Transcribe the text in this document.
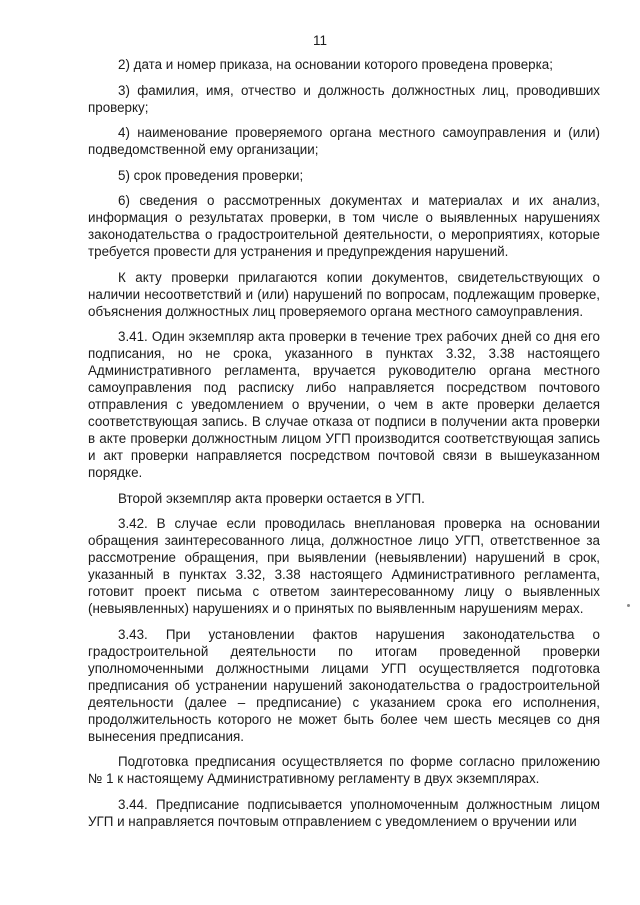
11

2) дата и номер приказа, на основании которого проведена проверка;

3) фамилия, имя, отчество и должность должностных лиц, проводивших проверку;

4) наименование проверяемого органа местного самоуправления и (или) подведомственной ему организации;

5) срок проведения проверки;

6) сведения о рассмотренных документах и материалах и их анализ, информация о результатах проверки, в том числе о выявленных нарушениях законодательства о градостроительной деятельности, о мероприятиях, которые требуется провести для устранения и предупреждения нарушений.

К акту проверки прилагаются копии документов, свидетельствующих о наличии несоответствий и (или) нарушений по вопросам, подлежащим проверке, объяснения должностных лиц проверяемого органа местного самоуправления.

3.41. Один экземпляр акта проверки в течение трех рабочих дней со дня его подписания, но не срока, указанного в пунктах 3.32, 3.38 настоящего Административного регламента, вручается руководителю органа местного самоуправления под расписку либо направляется посредством почтового отправления с уведомлением о вручении, о чем в акте проверки делается соответствующая запись. В случае отказа от подписи в получении акта проверки в акте проверки должностным лицом УГП производится соответствующая запись и акт проверки направляется посредством почтовой связи в вышеуказанном порядке.

Второй экземпляр акта проверки остается в УГП.

3.42. В случае если проводилась внеплановая проверка на основании обращения заинтересованного лица, должностное лицо УГП, ответственное за рассмотрение обращения, при выявлении (невыявлении) нарушений в срок, указанный в пунктах 3.32, 3.38 настоящего Административного регламента, готовит проект письма с ответом заинтересованному лицу о выявленных (невыявленных) нарушениях и о принятых по выявленным нарушениям мерах.

3.43. При установлении фактов нарушения законодательства о градостроительной деятельности по итогам проведенной проверки уполномоченными должностными лицами УГП осуществляется подготовка предписания об устранении нарушений законодательства о градостроительной деятельности (далее – предписание) с указанием срока его исполнения, продолжительность которого не может быть более чем шесть месяцев со дня вынесения предписания.

Подготовка предписания осуществляется по форме согласно приложению № 1 к настоящему Административному регламенту в двух экземплярах.

3.44. Предписание подписывается уполномоченным должностным лицом УГП и направляется почтовым отправлением с уведомлением о вручении или
